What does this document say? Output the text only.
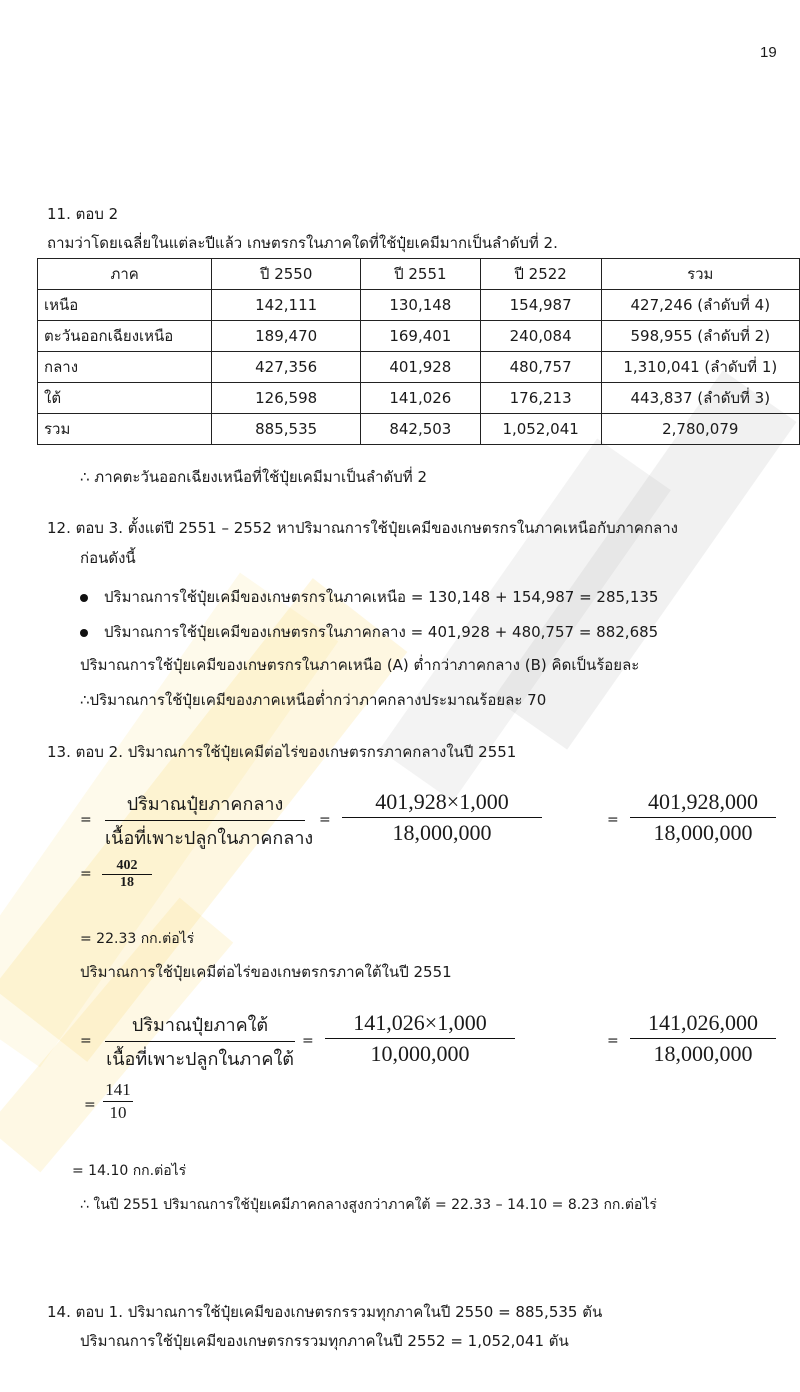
19
11. ตอบ 2
ถามว่าโดยเฉลี่ยในแต่ละปีแล้ว เกษตรกรในภาคใดที่ใช้ปุ๋ยเคมีมากเป็นลำดับที่ 2.
ภาค	ปี 2550	ปี 2551	ปี 2522	รวม
เหนือ	142,111	130,148	154,987	427,246 (ลำดับที่ 4)
ตะวันออกเฉียงเหนือ	189,470	169,401	240,084	598,955 (ลำดับที่ 2)
กลาง	427,356	401,928	480,757	1,310,041 (ลำดับที่ 1)
ใต้	126,598	141,026	176,213	443,837 (ลำดับที่ 3)
รวม	885,535	842,503	1,052,041	2,780,079
∴ ภาคตะวันออกเฉียงเหนือที่ใช้ปุ๋ยเคมีมาเป็นลำดับที่ 2
12. ตอบ 3. ตั้งแต่ปี 2551 – 2552 หาปริมาณการใช้ปุ๋ยเคมีของเกษตรกรในภาคเหนือกับภาคกลาง
ก่อนดังนี้
ปริมาณการใช้ปุ๋ยเคมีของเกษตรกรในภาคเหนือ = 130,148 + 154,987 = 285,135
ปริมาณการใช้ปุ๋ยเคมีของเกษตรกรในภาคกลาง = 401,928 + 480,757 = 882,685
ปริมาณการใช้ปุ๋ยเคมีของเกษตรกรในภาคเหนือ (A) ต่ำกว่าภาคกลาง (B) คิดเป็นร้อยละ
∴ปริมาณการใช้ปุ๋ยเคมีของภาคเหนือต่ำกว่าภาคกลางประมาณร้อยละ 70
13. ตอบ 2. ปริมาณการใช้ปุ๋ยเคมีต่อไร่ของเกษตรกรภาคกลางในปี 2551
=
ปริมาณปุ๋ยภาคกลาง
เนื้อที่เพาะปลูกในภาคกลาง
=
401,928×1,000
18,000,000	=
401,928,000
18,000,000
=
402
18
= 22.33 กก.ต่อไร่
ปริมาณการใช้ปุ๋ยเคมีต่อไร่ของเกษตรกรภาคใต้ในปี 2551
=
ปริมาณปุ๋ยภาคใต้
เนื้อที่เพาะปลูกในภาคใต้
=
141,026×1,000
10,000,000	=
141,026,000
18,000,000
=
141
10
= 14.10 กก.ต่อไร่
∴ ในปี 2551 ปริมาณการใช้ปุ๋ยเคมีภาคกลางสูงกว่าภาคใต้ = 22.33 – 14.10 = 8.23 กก.ต่อไร่
14. ตอบ 1. ปริมาณการใช้ปุ๋ยเคมีของเกษตรกรรวมทุกภาคในปี 2550 = 885,535 ตัน
ปริมาณการใช้ปุ๋ยเคมีของเกษตรกรรวมทุกภาคในปี 2552 = 1,052,041 ตัน
